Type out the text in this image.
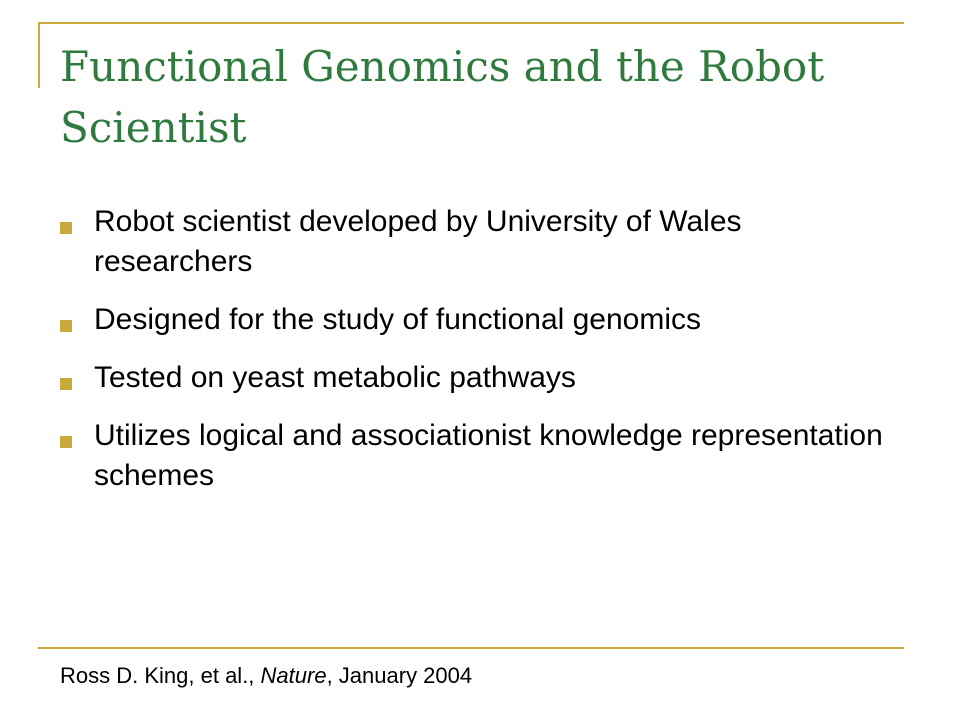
Functional Genomics and the Robot Scientist
Robot scientist developed by University of Wales researchers
Designed for the study of functional genomics
Tested on yeast metabolic pathways
Utilizes logical and associationist knowledge representation schemes
Ross D. King, et al., Nature, January 2004
